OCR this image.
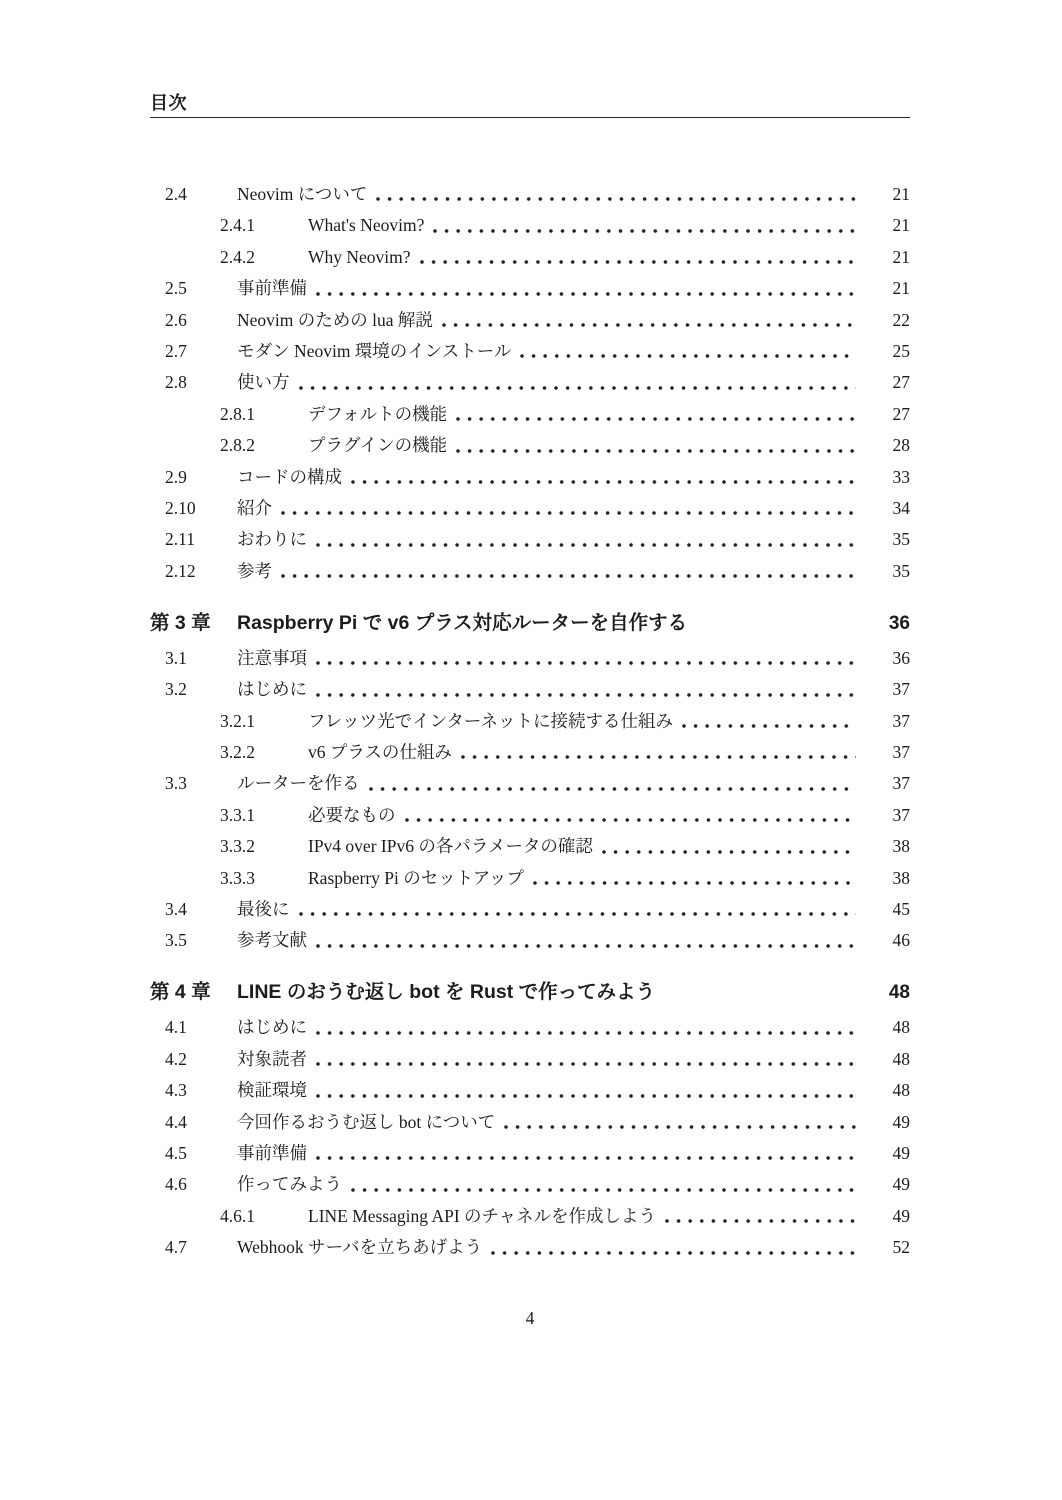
目次
2.4	Neovim について	21
2.4.1	What's Neovim?	21
2.4.2	Why Neovim?	21
2.5	事前準備	21
2.6	Neovim のための lua 解説	22
2.7	モダン Neovim 環境のインストール	25
2.8	使い方	27
2.8.1	デフォルトの機能	27
2.8.2	プラグインの機能	28
2.9	コードの構成	33
2.10	紹介	34
2.11	おわりに	35
2.12	参考	35
第 3 章	Raspberry Pi で v6 プラス対応ルーターを自作する	36
3.1	注意事項	36
3.2	はじめに	37
3.2.1	フレッツ光でインターネットに接続する仕組み	37
3.2.2	v6 プラスの仕組み	37
3.3	ルーターを作る	37
3.3.1	必要なもの	37
3.3.2	IPv4 over IPv6 の各パラメータの確認	38
3.3.3	Raspberry Pi のセットアップ	38
3.4	最後に	45
3.5	参考文献	46
第 4 章	LINE のおうむ返し bot を Rust で作ってみよう	48
4.1	はじめに	48
4.2	対象読者	48
4.3	検証環境	48
4.4	今回作るおうむ返し bot について	49
4.5	事前準備	49
4.6	作ってみよう	49
4.6.1	LINE Messaging API のチャネルを作成しよう	49
4.7	Webhook サーバを立ちあげよう	52
4
